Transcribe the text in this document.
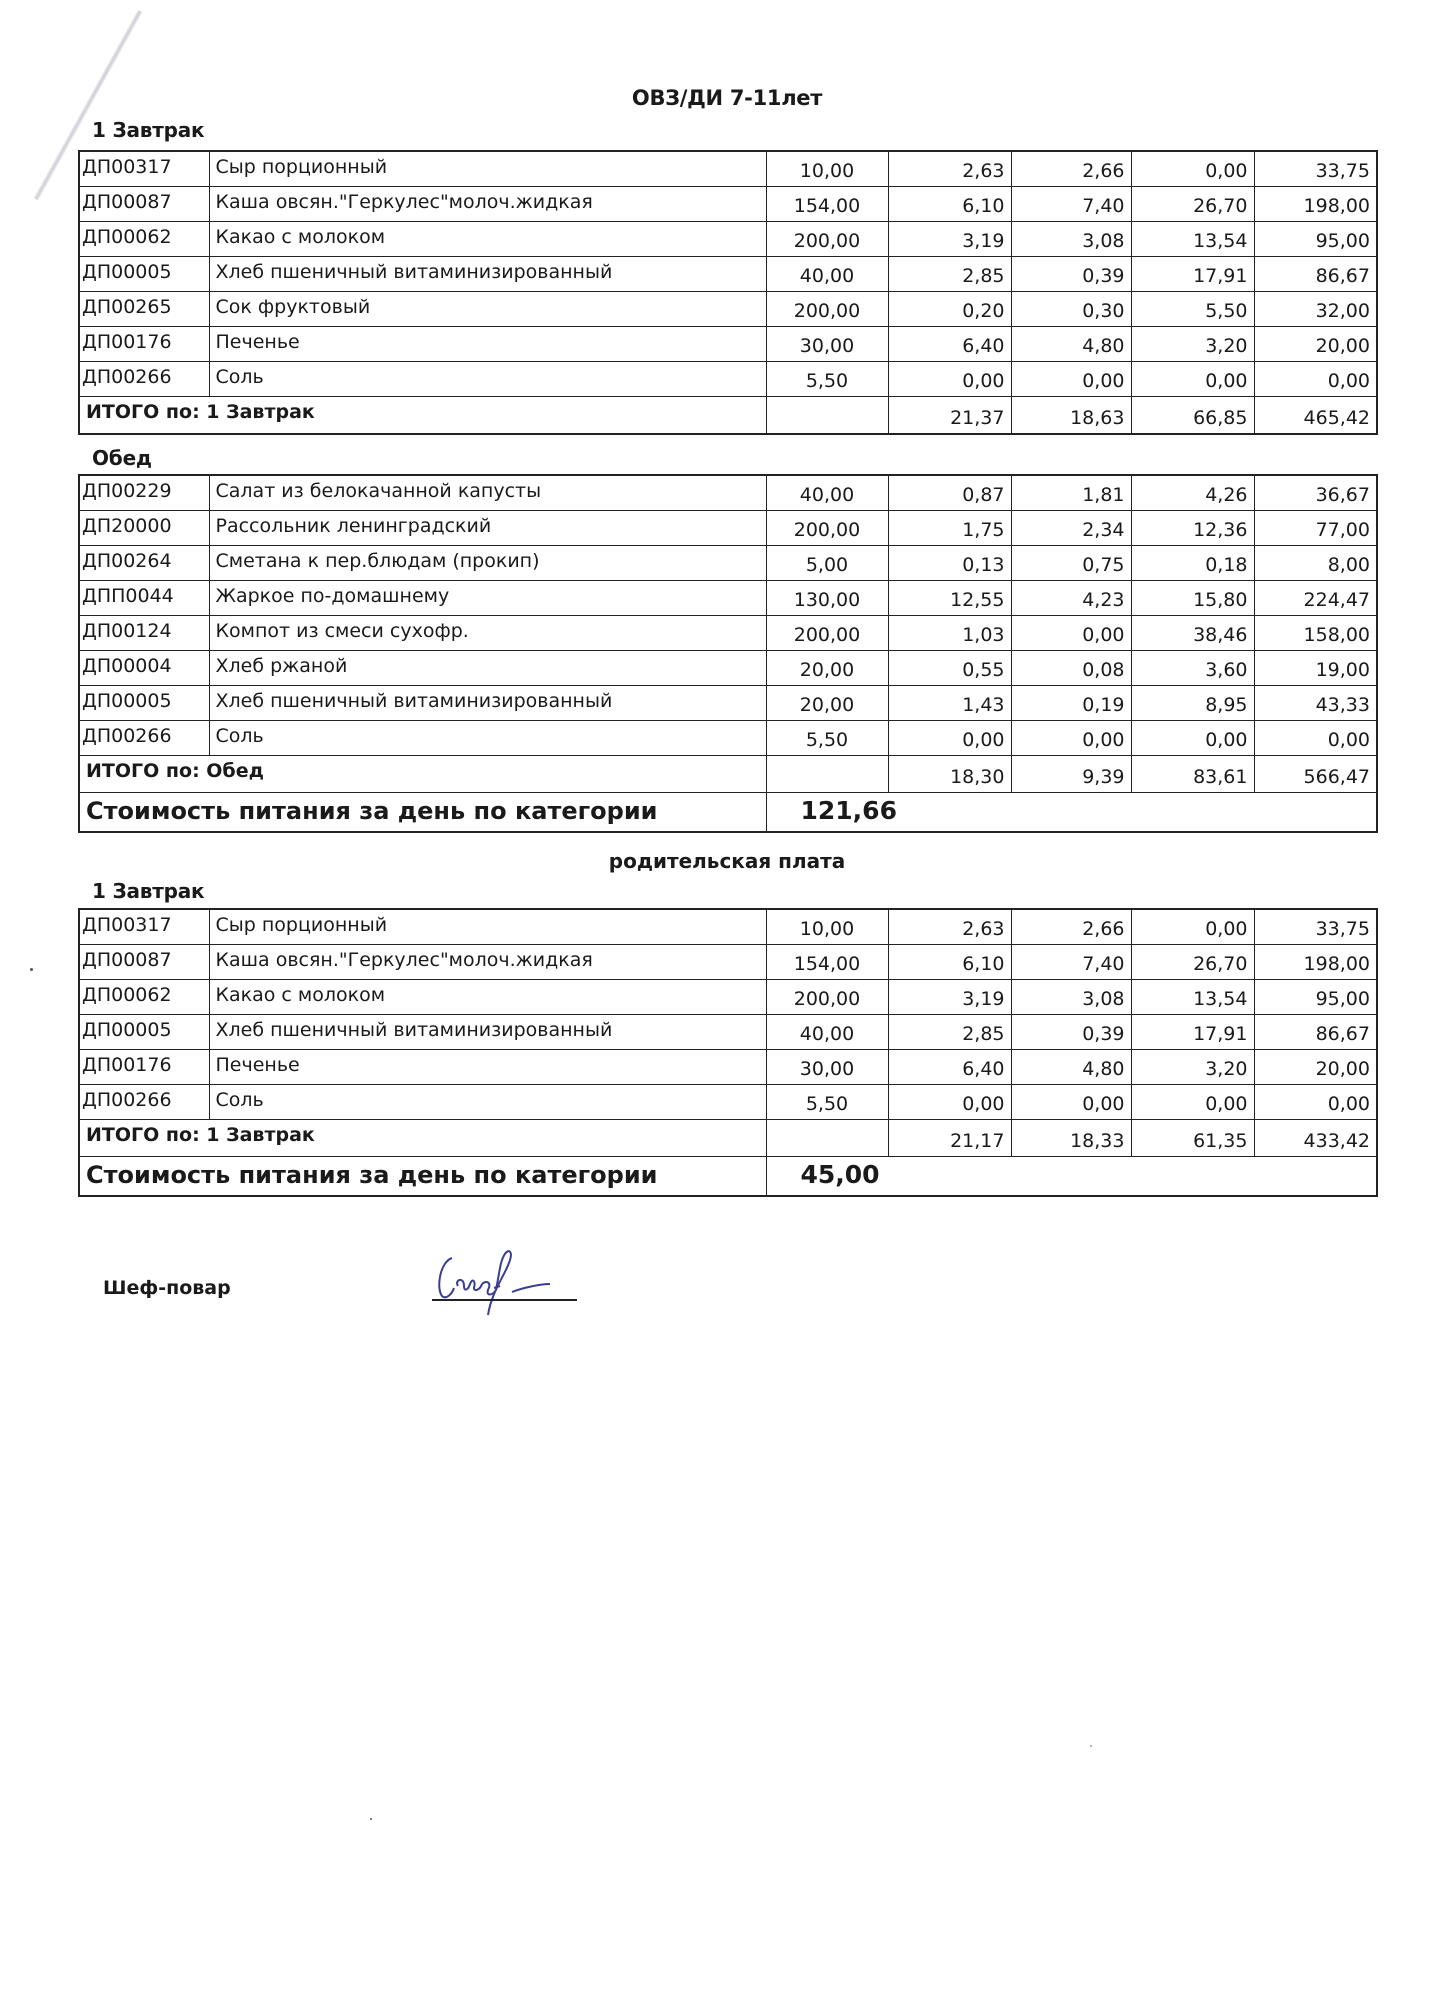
ОВЗ/ДИ 7-11лет
1 Завтрак
ДП00317	Сыр порционный	10,00	2,63	2,66	0,00	33,75
ДП00087	Каша овсян."Геркулес"молоч.жидкая	154,00	6,10	7,40	26,70	198,00
ДП00062	Какао с молоком	200,00	3,19	3,08	13,54	95,00
ДП00005	Хлеб пшеничный витаминизированный	40,00	2,85	0,39	17,91	86,67
ДП00265	Сок фруктовый	200,00	0,20	0,30	5,50	32,00
ДП00176	Печенье	30,00	6,40	4,80	3,20	20,00
ДП00266	Соль	5,50	0,00	0,00	0,00	0,00
ИТОГО по: 1 Завтрак			21,37	18,63	66,85	465,42
Обед
ДП00229	Салат из белокачанной капусты	40,00	0,87	1,81	4,26	36,67
ДП20000	Рассольник ленинградский	200,00	1,75	2,34	12,36	77,00
ДП00264	Сметана к пер.блюдам (прокип)	5,00	0,13	0,75	0,18	8,00
ДПП0044	Жаркое по-домашнему	130,00	12,55	4,23	15,80	224,47
ДП00124	Компот из смеси сухофр.	200,00	1,03	0,00	38,46	158,00
ДП00004	Хлеб ржаной	20,00	0,55	0,08	3,60	19,00
ДП00005	Хлеб пшеничный витаминизированный	20,00	1,43	0,19	8,95	43,33
ДП00266	Соль	5,50	0,00	0,00	0,00	0,00
ИТОГО по: Обед			18,30	9,39	83,61	566,47
Стоимость питания за день по категории		121,66				
родительская плата
1 Завтрак
ДП00317	Сыр порционный	10,00	2,63	2,66	0,00	33,75
ДП00087	Каша овсян."Геркулес"молоч.жидкая	154,00	6,10	7,40	26,70	198,00
ДП00062	Какао с молоком	200,00	3,19	3,08	13,54	95,00
ДП00005	Хлеб пшеничный витаминизированный	40,00	2,85	0,39	17,91	86,67
ДП00176	Печенье	30,00	6,40	4,80	3,20	20,00
ДП00266	Соль	5,50	0,00	0,00	0,00	0,00
ИТОГО по: 1 Завтрак			21,17	18,33	61,35	433,42
Стоимость питания за день по категории		45,00				
Шеф-повар
